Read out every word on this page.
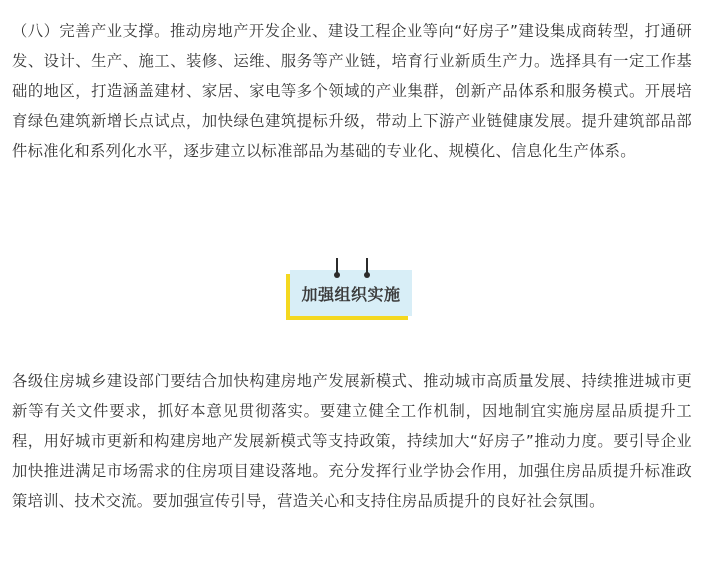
（八）完善产业支撑。推动房地产开发企业、建设工程企业等向“好房子”建设集成商转型，打通研发、设计、生产、施工、装修、运维、服务等产业链，培育行业新质生产力。选择具有一定工作基础的地区，打造涵盖建材、家居、家电等多个领域的产业集群，创新产品体系和服务模式。开展培育绿色建筑新增长点试点，加快绿色建筑提标升级，带动上下游产业链健康发展。提升建筑部品部件标准化和系列化水平，逐步建立以标准部品为基础的专业化、规模化、信息化生产体系。

加强组织实施

各级住房城乡建设部门要结合加快构建房地产发展新模式、推动城市高质量发展、持续推进城市更新等有关文件要求，抓好本意见贯彻落实。要建立健全工作机制，因地制宜实施房屋品质提升工程，用好城市更新和构建房地产发展新模式等支持政策，持续加大“好房子”推动力度。要引导企业加快推进满足市场需求的住房项目建设落地。充分发挥行业学协会作用，加强住房品质提升标准政策培训、技术交流。要加强宣传引导，营造关心和支持住房品质提升的良好社会氛围。
